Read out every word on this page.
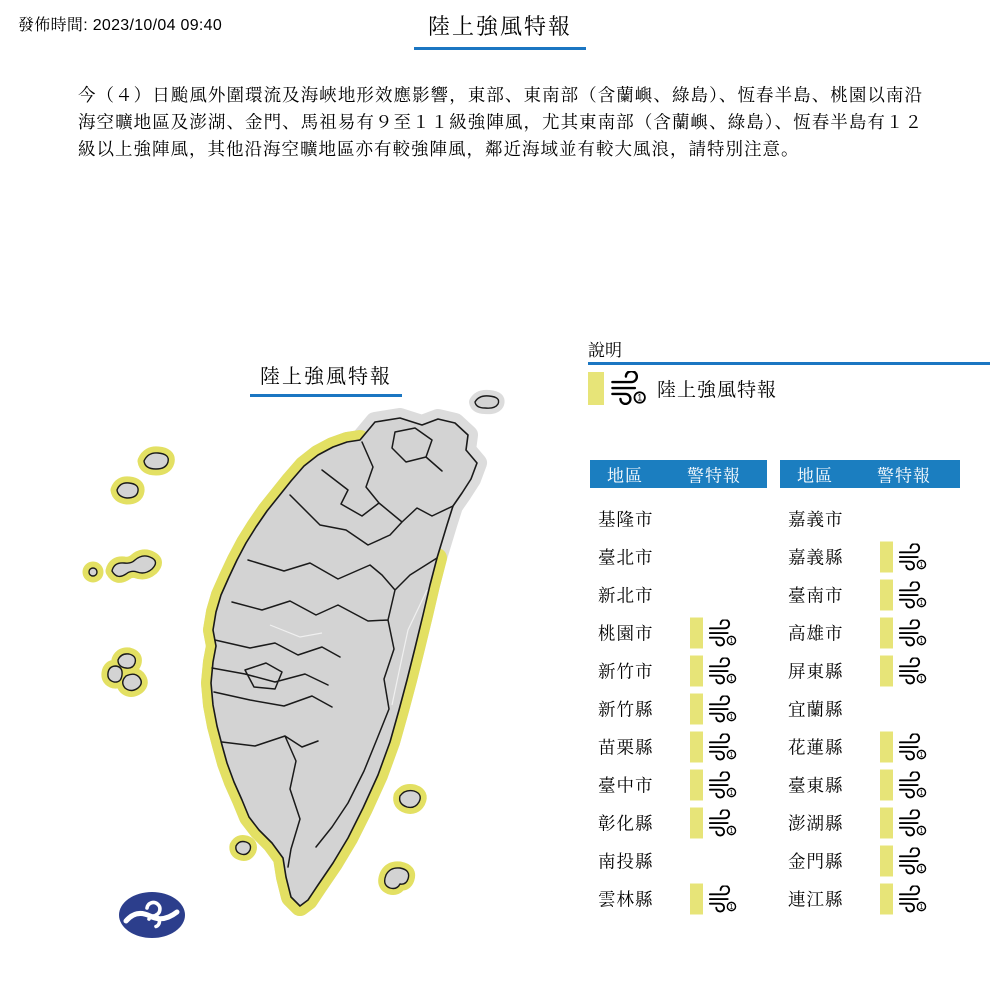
發佈時間: 2023/10/04 09:40	陸上強風特報
今（４）日颱風外圍環流及海峽地形效應影響，東部、東南部（含蘭嶼、綠島）、恆春半島、桃園以南沿海空曠地區及澎湖、金門、馬祖易有９至１１級強陣風，尤其東南部（含蘭嶼、綠島）、恆春半島有１２級以上強陣風，其他沿海空曠地區亦有較強陣風，鄰近海域並有較大風浪，請特別注意。
陸上強風特報
說明
1 陸上強風特報
地區	警特報
基隆市
臺北市
新北市
桃園市	1
新竹市	1
新竹縣	1
苗栗縣	1
臺中市	1
彰化縣	1
南投縣
雲林縣	1
地區	警特報
嘉義市
嘉義縣	1
臺南市	1
高雄市	1
屏東縣	1
宜蘭縣
花蓮縣	1
臺東縣	1
澎湖縣	1
金門縣	1
連江縣	1
